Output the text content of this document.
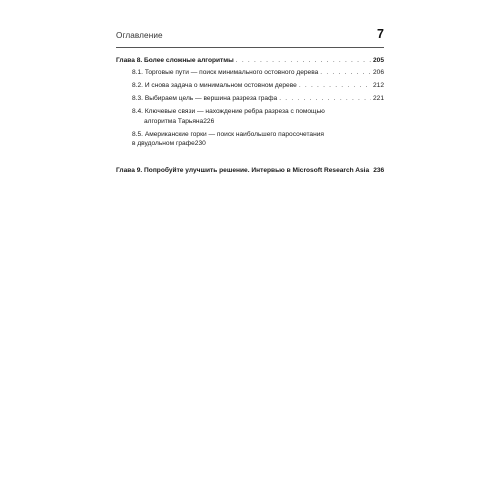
Оглавление	7
Глава 8. Более сложные алгоритмы . . .	205
8.1. Торговые пути — поиск минимального остовного дерева . . .	206
8.2. И снова задача о минимальном остовном дереве . . .	212
8.3. Выбираем цель — вершина разреза графа . . .	221
8.4. Ключевые связи — нахождение ребра разреза с помощью
алгоритма Тарьяна 226
8.5. Американские горки — поиск наибольшего паросочетания
в двудольном графе 230
Глава 9. Попробуйте улучшить решение. Интервью в Microsoft Research Asia 236
